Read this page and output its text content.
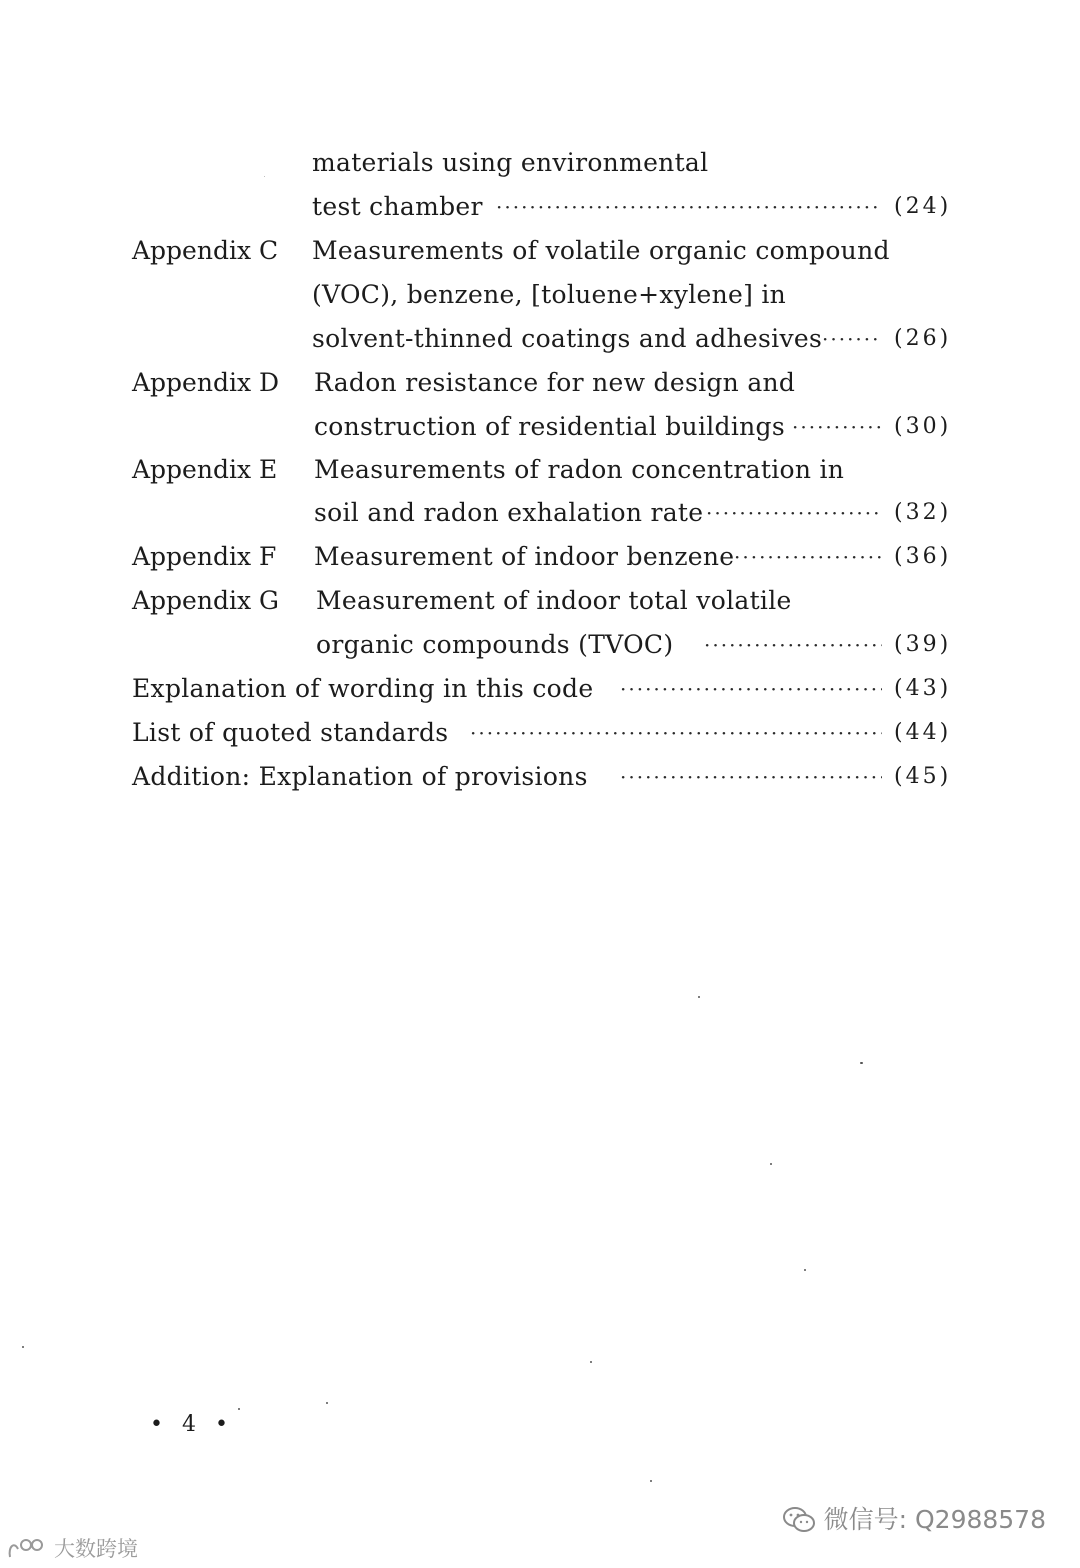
materials using environmental
test chamber ·····	(24)
Appendix C Measurements of volatile organic compound
(VOC), benzene, [toluene+xylene] in
solvent-thinned coatings and adhesives ·····	(26)
Appendix D Radon resistance for new design and
construction of residential buildings ·····	(30)
Appendix E Measurements of radon concentration in
soil and radon exhalation rate ·····	(32)
Appendix F Measurement of indoor benzene ·····	(36)
Appendix G Measurement of indoor total volatile
organic compounds (TVOC) ·····	(39)
Explanation of wording in this code ·····	(43)
List of quoted standards ·····	(44)
Addition: Explanation of provisions ·····	(45)
• 4 •
微信号: Q2988578
大数跨境
